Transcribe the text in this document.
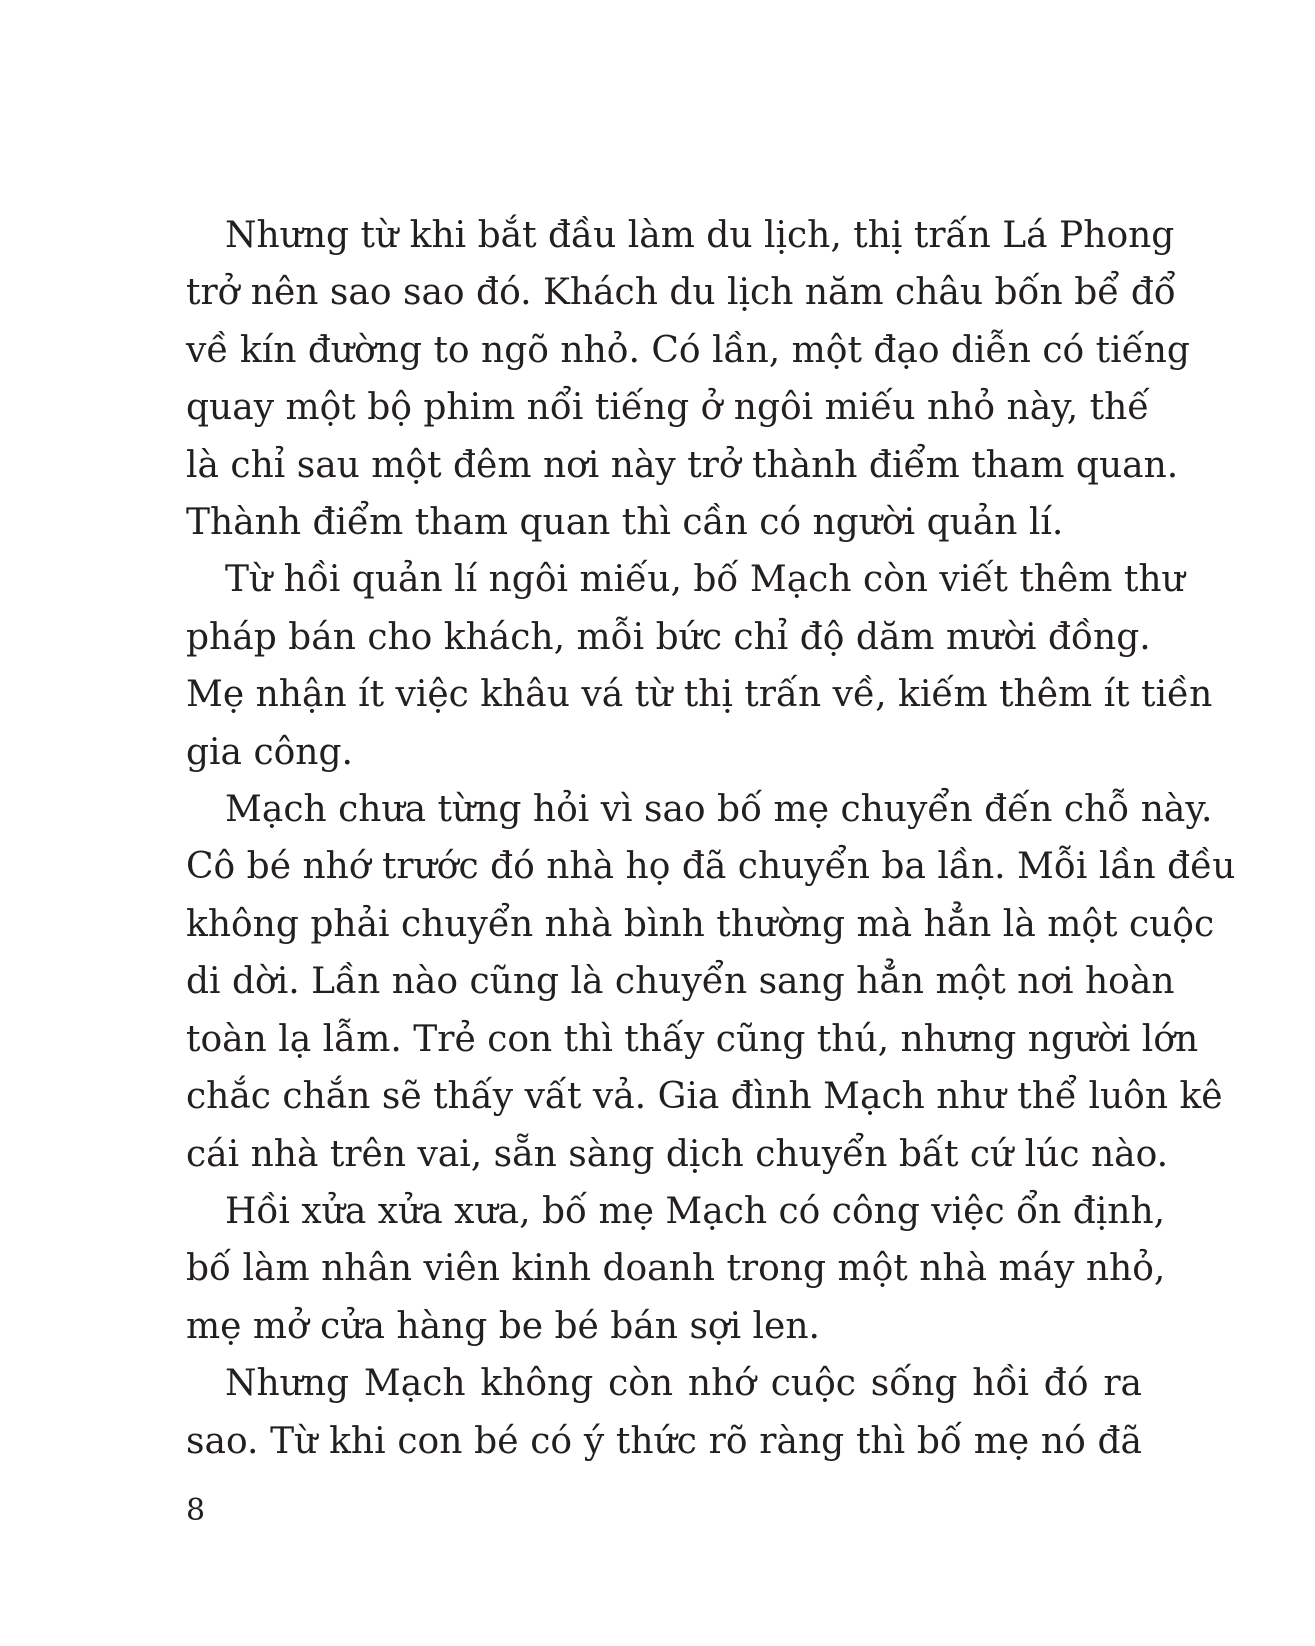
Nhưng từ khi bắt đầu làm du lịch, thị trấn Lá Phong
trở nên sao sao đó. Khách du lịch năm châu bốn bể đổ
về kín đường to ngõ nhỏ. Có lần, một đạo diễn có tiếng
quay một bộ phim nổi tiếng ở ngôi miếu nhỏ này, thế
là chỉ sau một đêm nơi này trở thành điểm tham quan.
Thành điểm tham quan thì cần có người quản lí.
Từ hồi quản lí ngôi miếu, bố Mạch còn viết thêm thư
pháp bán cho khách, mỗi bức chỉ độ dăm mười đồng.
Mẹ nhận ít việc khâu vá từ thị trấn về, kiếm thêm ít tiền
gia công.
Mạch chưa từng hỏi vì sao bố mẹ chuyển đến chỗ này.
Cô bé nhớ trước đó nhà họ đã chuyển ba lần. Mỗi lần đều
không phải chuyển nhà bình thường mà hẳn là một cuộc
di dời. Lần nào cũng là chuyển sang hẳn một nơi hoàn
toàn lạ lẫm. Trẻ con thì thấy cũng thú, nhưng người lớn
chắc chắn sẽ thấy vất vả. Gia đình Mạch như thể luôn kê
cái nhà trên vai, sẵn sàng dịch chuyển bất cứ lúc nào.
Hồi xửa xửa xưa, bố mẹ Mạch có công việc ổn định,
bố làm nhân viên kinh doanh trong một nhà máy nhỏ,
mẹ mở cửa hàng be bé bán sợi len.
Nhưng Mạch không còn nhớ cuộc sống hồi đó ra
sao. Từ khi con bé có ý thức rõ ràng thì bố mẹ nó đã
8
